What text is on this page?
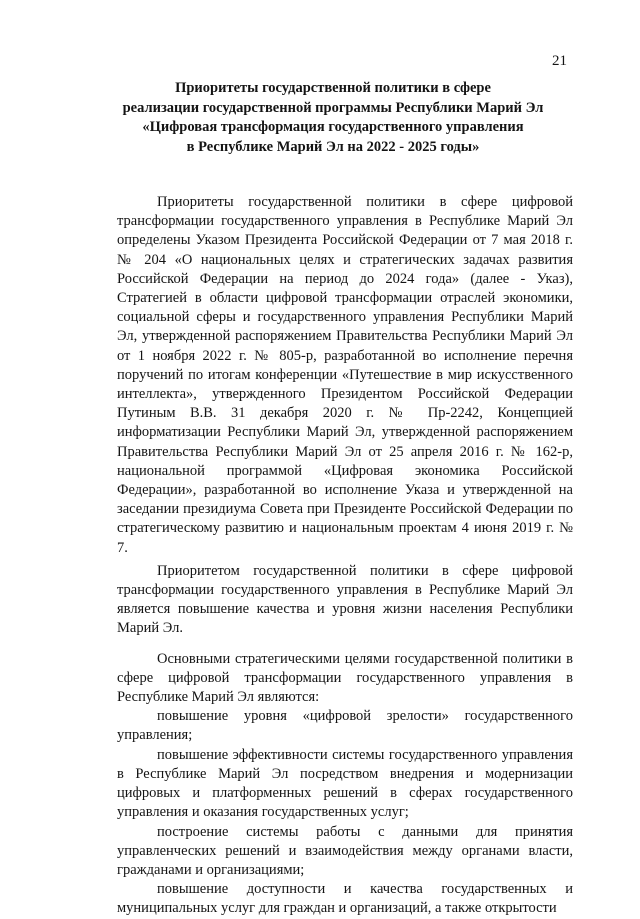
21
Приоритеты государственной политики в сфере
реализации государственной программы Республики Марий Эл
«Цифровая трансформация государственного управления
в Республике Марий Эл на 2022 - 2025 годы»

Приоритеты государственной политики в сфере цифровой трансформации государственного управления в Республике Марий Эл определены Указом Президента Российской Федерации от 7 мая 2018 г. № 204 «О национальных целях и стратегических задачах развития Российской Федерации на период до 2024 года» (далее - Указ), Стратегией в области цифровой трансформации отраслей экономики, социальной сферы и государственного управления Республики Марий Эл, утвержденной распоряжением Правительства Республики Марий Эл от 1 ноября 2022 г. № 805-р, разработанной во исполнение перечня поручений по итогам конференции «Путешествие в мир искусственного интеллекта», утвержденного Президентом Российской Федерации Путиным В.В. 31 декабря 2020 г. № Пр-2242, Концепцией информатизации Республики Марий Эл, утвержденной распоряжением Правительства Республики Марий Эл от 25 апреля 2016 г. № 162-р, национальной программой «Цифровая экономика Российской Федерации», разработанной во исполнение Указа и утвержденной на заседании президиума Совета при Президенте Российской Федерации по стратегическому развитию и национальным проектам 4 июня 2019 г. № 7.

Приоритетом государственной политики в сфере цифровой трансформации государственного управления в Республике Марий Эл является повышение качества и уровня жизни населения Республики Марий Эл.

Основными стратегическими целями государственной политики в сфере цифровой трансформации государственного управления в Республике Марий Эл являются:

повышение уровня «цифровой зрелости» государственного управления;

повышение эффективности системы государственного управления в Республике Марий Эл посредством внедрения и модернизации цифровых и платформенных решений в сферах государственного управления и оказания государственных услуг;

построение системы работы с данными для принятия управленческих решений и взаимодействия между органами власти, гражданами и организациями;

повышение доступности и качества государственных и муниципальных услуг для граждан и организаций, а также открытости
